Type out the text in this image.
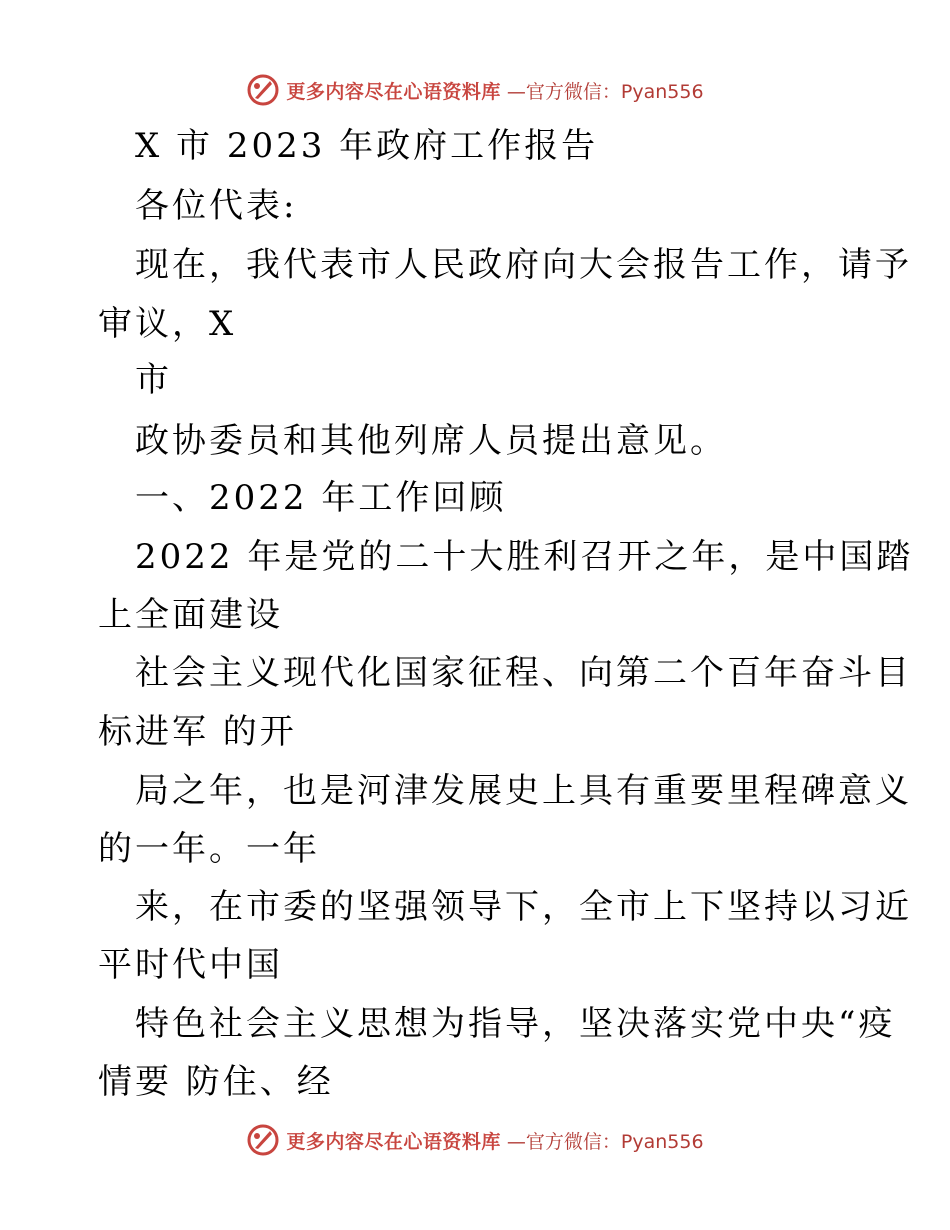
更多内容尽在心语资料库 —官方微信：Pyan556
X 市 2023 年政府工作报告
各位代表:
现在，我代表市人民政府向大会报告工作，请予
审议，X
市
政协委员和其他列席人员提出意见。
一、2022 年工作回顾
2022 年是党的二十大胜利召开之年，是中国踏
上全面建设
社会主义现代化国家征程、向第二个百年奋斗目
标进军 的开
局之年，也是河津发展史上具有重要里程碑意义
的一年。一年
来，在市委的坚强领导下，全市上下坚持以习近
平时代中国
特色社会主义思想为指导，坚决落实党中央“疫
情要 防住、经
更多内容尽在心语资料库 —官方微信：Pyan556
